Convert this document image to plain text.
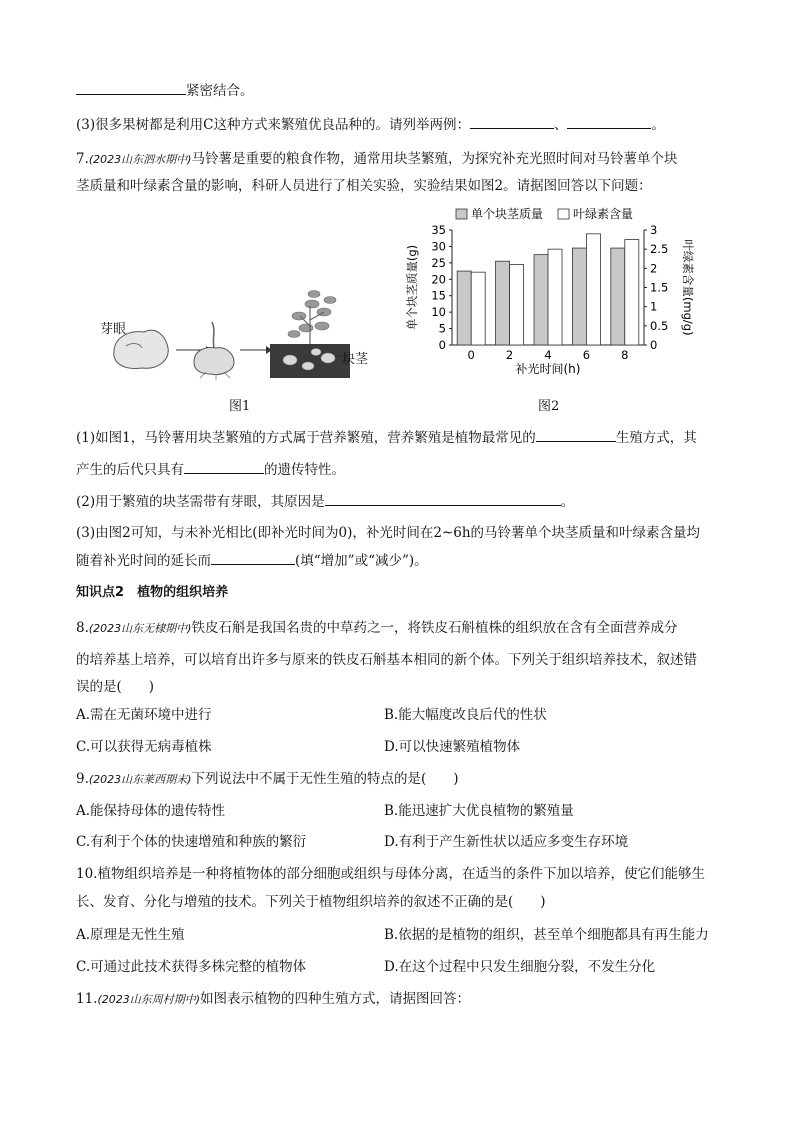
紧密结合。
(3)很多果树都是利用C这种方式来繁殖优良品种的。请列举两例：	、	。
7.(2023山东泗水期中)马铃薯是重要的粮食作物，通常用块茎繁殖，为探究补充光照时间对马铃薯单个块
茎质量和叶绿素含量的影响，科研人员进行了相关实验，实验结果如图2。请据图回答以下问题：
芽眼
块茎
图1
0
5
10
15
20
25
30
35
0
0.5
1
1.5
2
2.5
3
0	2	4	6	8
补光时间(h)
单个块茎质量(g)	叶绿素含量(mg/g)
单个块茎质量 叶绿素含量
图2
(1)如图1，马铃薯用块茎繁殖的方式属于营养繁殖，营养繁殖是植物最常见的	生殖方式，其
产生的后代只具有	的遗传特性。
(2)用于繁殖的块茎需带有芽眼，其原因是	。
(3)由图2可知，与未补光相比(即补光时间为0)，补光时间在2~6h的马铃薯单个块茎质量和叶绿素含量均
随着补光时间的延长而	(填“增加”或“减少”)。
知识点2　 植物的组织培养
8.(2023山东无棣期中)铁皮石斛是我国名贵的中草药之一，将铁皮石斛植株的组织放在含有全面营养成分
的培养基上培养，可以培育出许多与原来的铁皮石斛基本相同的新个体。下列关于组织培养技术，叙述错
误的是(　　)
A.需在无菌环境中进行	B.能大幅度改良后代的性状
C.可以获得无病毒植株	D.可以快速繁殖植物体
9.(2023山东莱西期末)下列说法中不属于无性生殖的特点的是(　　)
A.能保持母体的遗传特性	B.能迅速扩大优良植物的繁殖量
C.有利于个体的快速增殖和种族的繁衍	D.有利于产生新性状以适应多变生存环境
10.植物组织培养是一种将植物体的部分细胞或组织与母体分离，在适当的条件下加以培养，使它们能够生
长、发育、分化与增殖的技术。下列关于植物组织培养的叙述不正确的是(　　)
A.原理是无性生殖	B.依据的是植物的组织，甚至单个细胞都具有再生能力
C.可通过此技术获得多株完整的植物体	D.在这个过程中只发生细胞分裂，不发生分化
11.(2023山东周村期中)如图表示植物的四种生殖方式，请据图回答：
